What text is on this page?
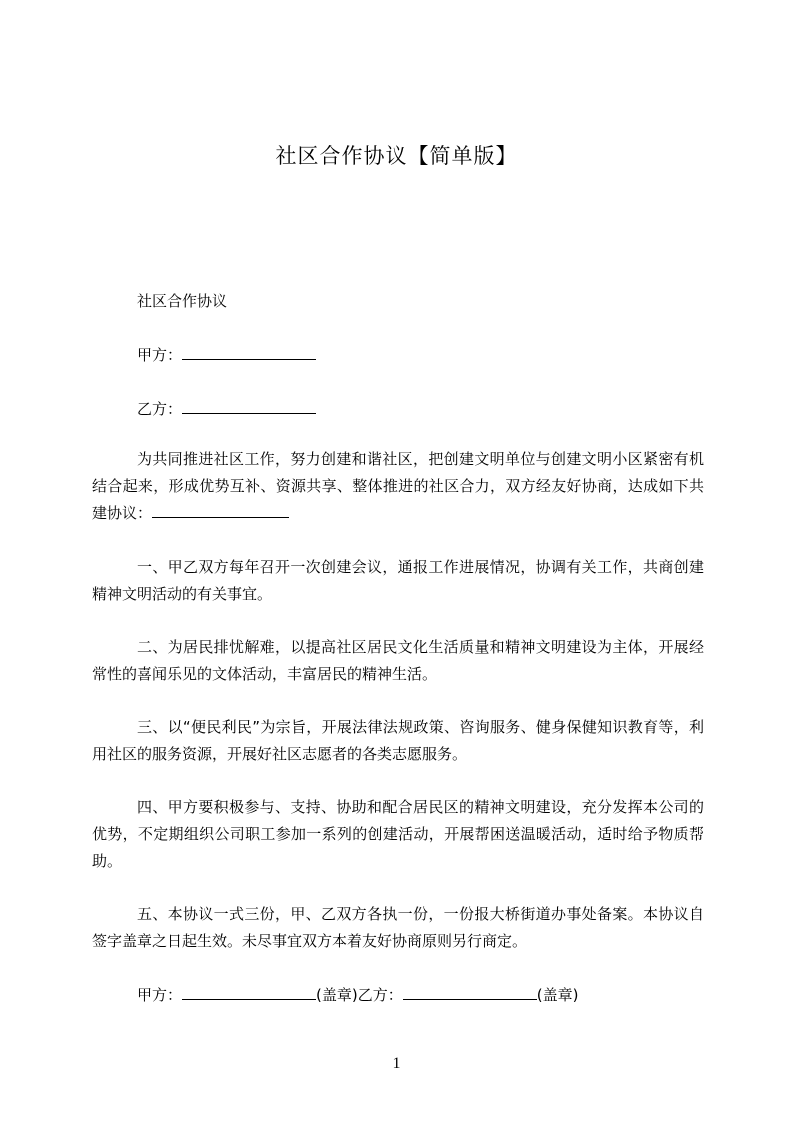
社区合作协议【简单版】
社区合作协议
甲方：
乙方：
为共同推进社区工作，努力创建和谐社区，把创建文明单位与创建文明小区紧密有机结合起来，形成优势互补、资源共享、整体推进的社区合力，双方经友好协商，达成如下共建协议：
一、甲乙双方每年召开一次创建会议，通报工作进展情况，协调有关工作，共商创建精神文明活动的有关事宜。
二、为居民排忧解难，以提高社区居民文化生活质量和精神文明建设为主体，开展经常性的喜闻乐见的文体活动，丰富居民的精神生活。
三、以“便民利民”为宗旨，开展法律法规政策、咨询服务、健身保健知识教育等，利用社区的服务资源，开展好社区志愿者的各类志愿服务。
四、甲方要积极参与、支持、协助和配合居民区的精神文明建设，充分发挥本公司的优势，不定期组织公司职工参加一系列的创建活动，开展帮困送温暖活动，适时给予物质帮助。
五、本协议一式三份，甲、乙双方各执一份，一份报大桥街道办事处备案。本协议自签字盖章之日起生效。未尽事宜双方本着友好协商原则另行商定。
甲方：	(盖章)乙方：	(盖章)
1
